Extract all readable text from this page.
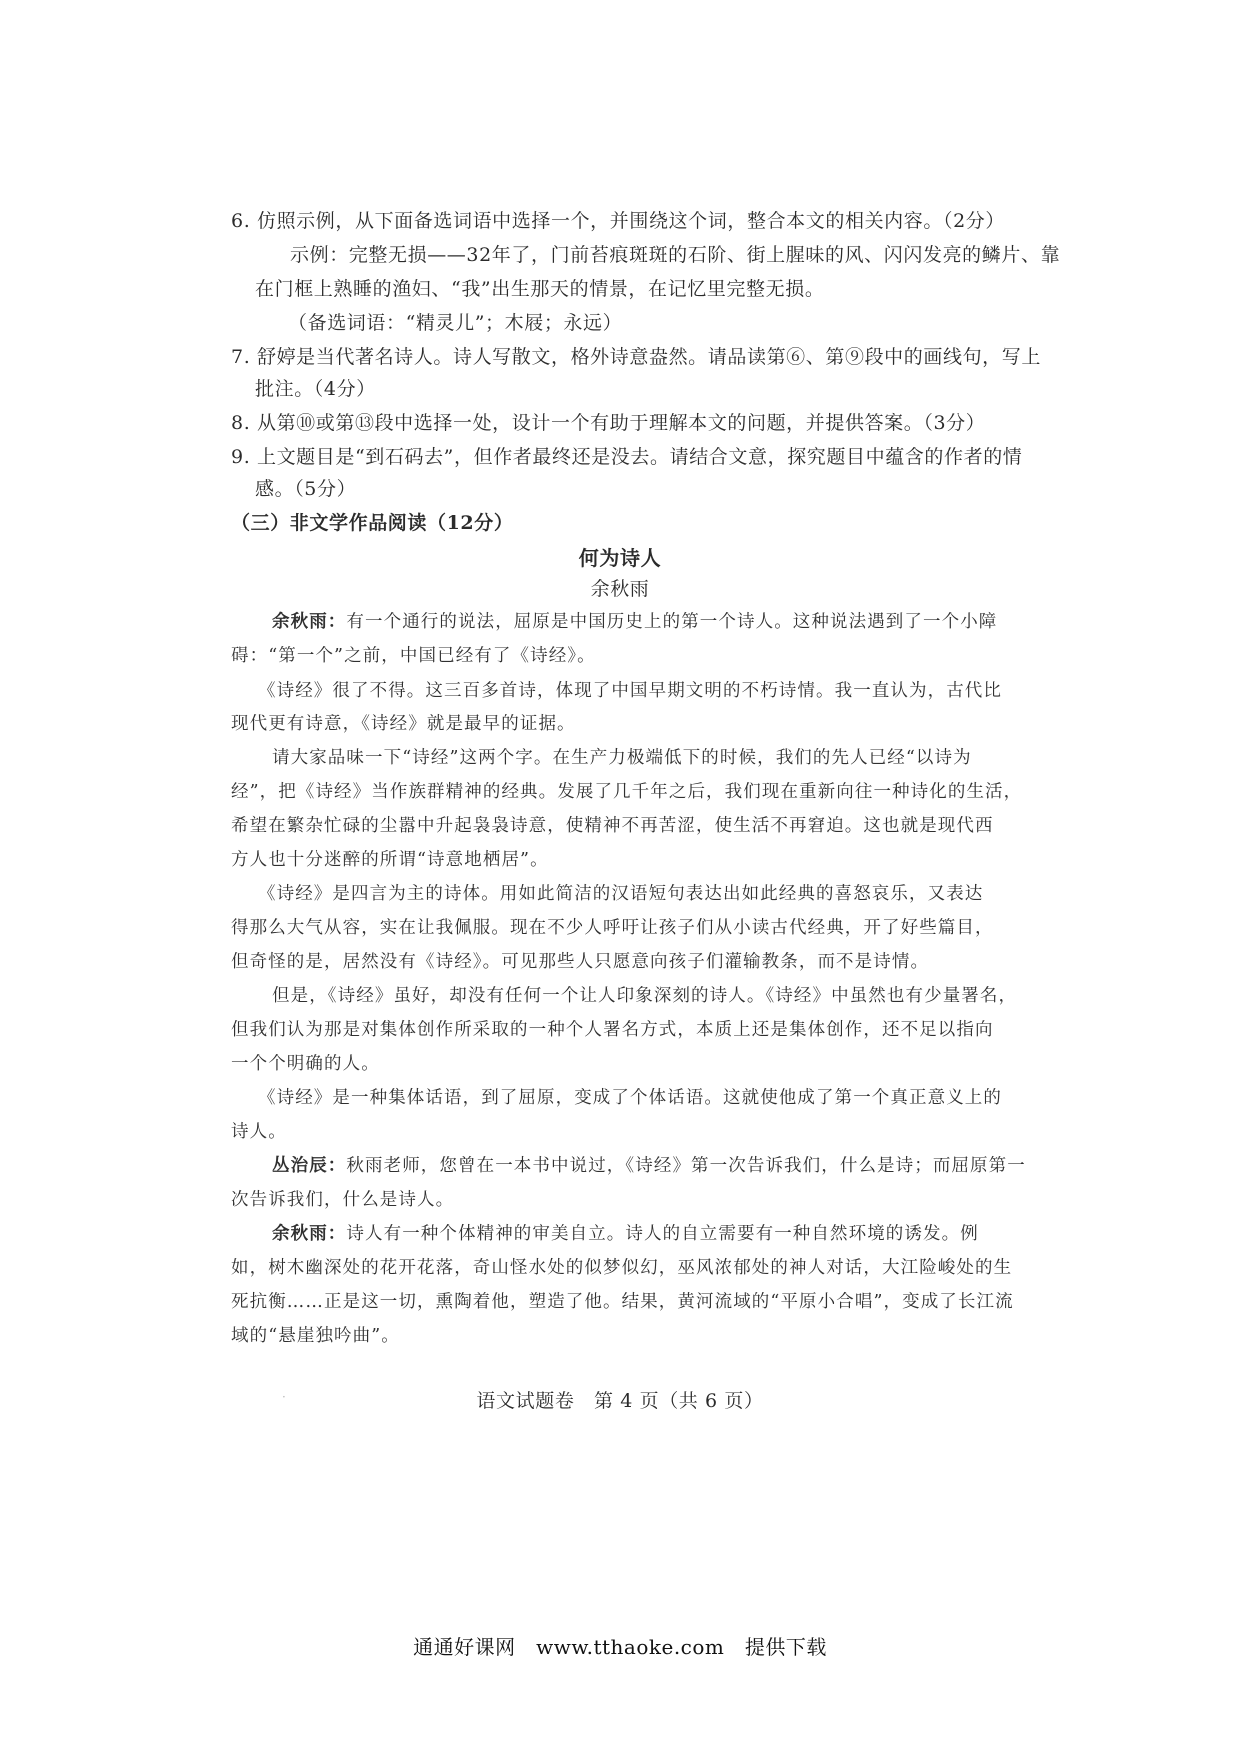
6. 仿照示例，从下面备选词语中选择一个，并围绕这个词，整合本文的相关内容。（2分）
示例：完整无损——32年了，门前苔痕斑斑的石阶、街上腥味的风、闪闪发亮的鳞片、靠
在门框上熟睡的渔妇、“我”出生那天的情景，在记忆里完整无损。
（备选词语：“精灵儿”；木屐；永远）
7. 舒婷是当代著名诗人。诗人写散文，格外诗意盎然。请品读第⑥、第⑨段中的画线句，写上
批注。（4分）
8. 从第⑩或第⑬段中选择一处，设计一个有助于理解本文的问题，并提供答案。（3分）
9. 上文题目是“到石码去”，但作者最终还是没去。请结合文意，探究题目中蕴含的作者的情
感。（5分）
（三）非文学作品阅读（12分）
何为诗人
余秋雨
余秋雨：有一个通行的说法，屈原是中国历史上的第一个诗人。这种说法遇到了一个小障
碍：“第一个”之前，中国已经有了《诗经》。
《诗经》很了不得。这三百多首诗，体现了中国早期文明的不朽诗情。我一直认为，古代比
现代更有诗意，《诗经》就是最早的证据。
请大家品味一下“诗经”这两个字。在生产力极端低下的时候，我们的先人已经“以诗为
经”，把《诗经》当作族群精神的经典。发展了几千年之后，我们现在重新向往一种诗化的生活，
希望在繁杂忙碌的尘嚣中升起袅袅诗意，使精神不再苦涩，使生活不再窘迫。这也就是现代西
方人也十分迷醉的所谓“诗意地栖居”。
《诗经》是四言为主的诗体。用如此简洁的汉语短句表达出如此经典的喜怒哀乐，又表达
得那么大气从容，实在让我佩服。现在不少人呼吁让孩子们从小读古代经典，开了好些篇目，
但奇怪的是，居然没有《诗经》。可见那些人只愿意向孩子们灌输教条，而不是诗情。
但是，《诗经》虽好，却没有任何一个让人印象深刻的诗人。《诗经》中虽然也有少量署名，
但我们认为那是对集体创作所采取的一种个人署名方式，本质上还是集体创作，还不足以指向
一个个明确的人。
《诗经》是一种集体话语，到了屈原，变成了个体话语。这就使他成了第一个真正意义上的
诗人。
丛治辰：秋雨老师，您曾在一本书中说过，《诗经》第一次告诉我们，什么是诗；而屈原第一
次告诉我们，什么是诗人。
余秋雨：诗人有一种个体精神的审美自立。诗人的自立需要有一种自然环境的诱发。例
如，树木幽深处的花开花落，奇山怪水处的似梦似幻，巫风浓郁处的神人对话，大江险峻处的生
死抗衡……正是这一切，熏陶着他，塑造了他。结果，黄河流域的“平原小合唱”，变成了长江流
域的“悬崖独吟曲”。
·	语文试题卷　第 4 页（共 6 页）
通通好课网　www.tthaoke.com　提供下载
